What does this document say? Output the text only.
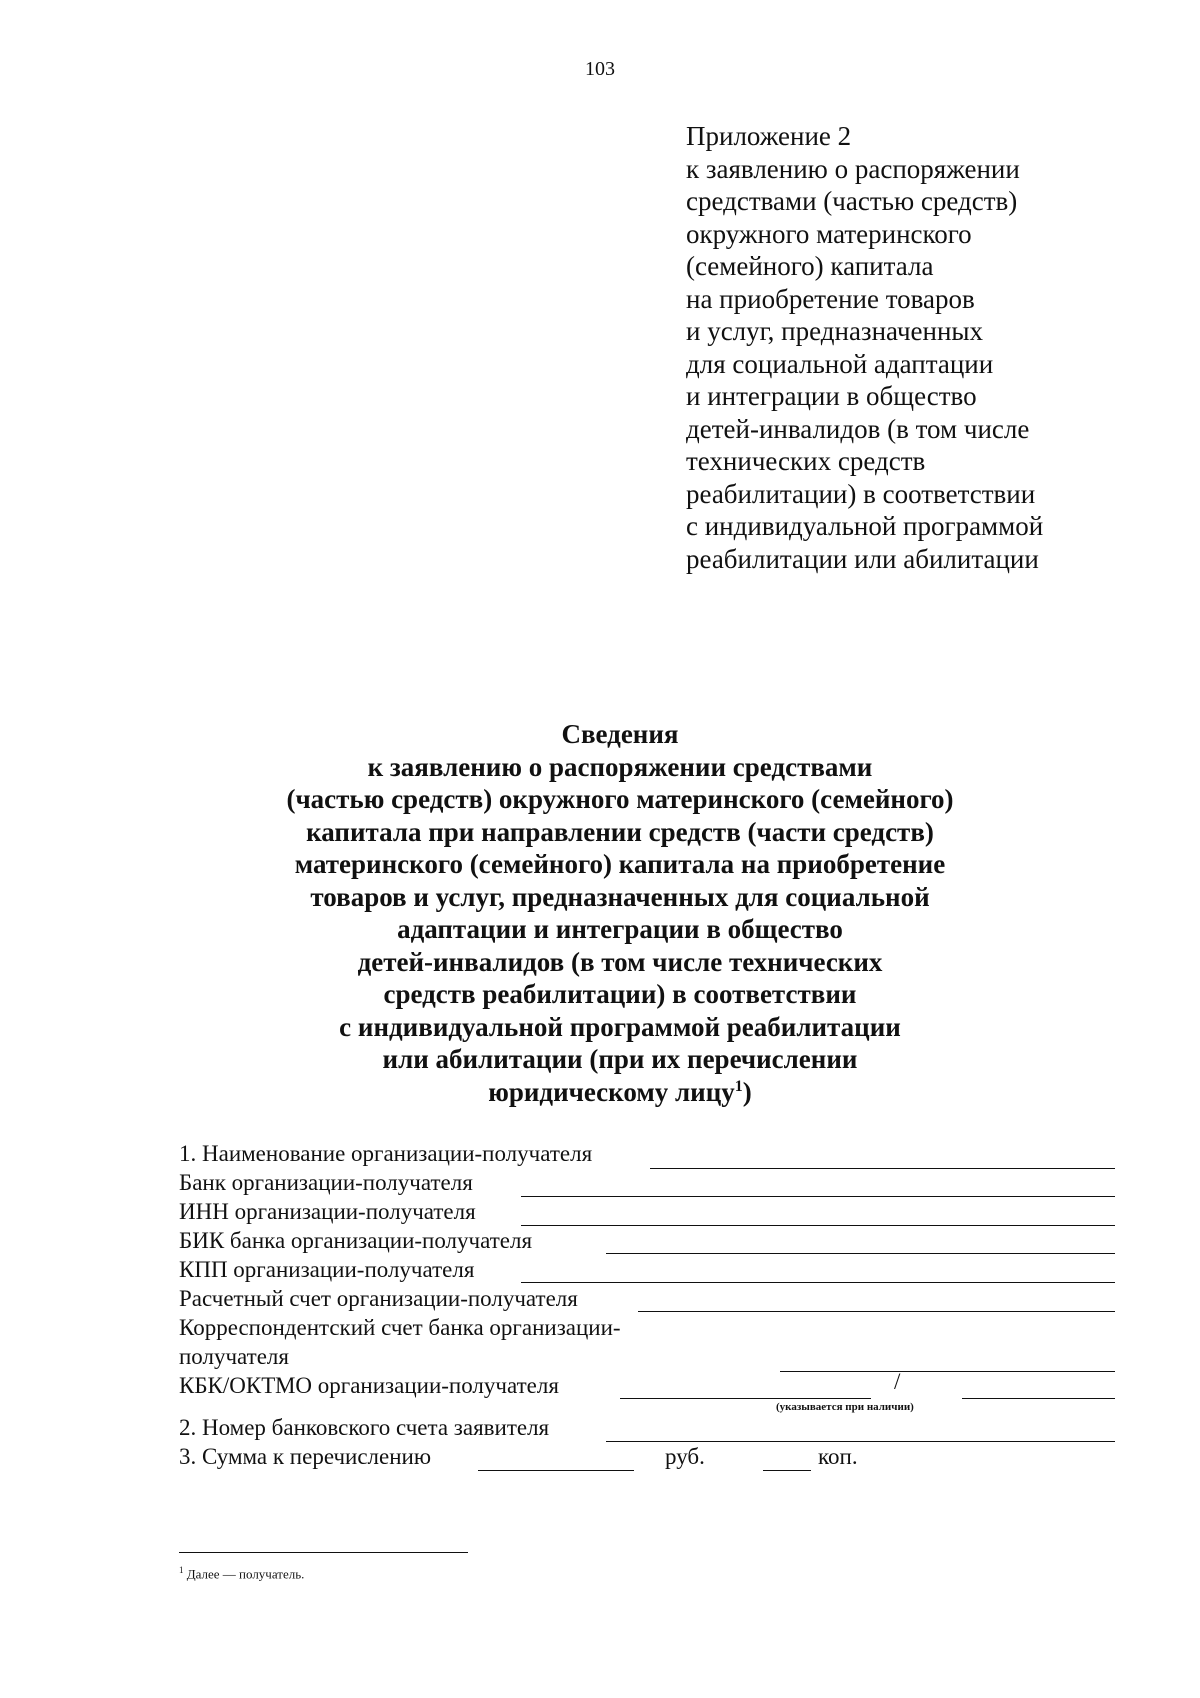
103
Приложение 2
к заявлению о распоряжении
средствами (частью средств)
окружного материнского
(семейного) капитала
на приобретение товаров
и услуг, предназначенных
для социальной адаптации
и интеграции в общество
детей-инвалидов (в том числе
технических средств
реабилитации) в соответствии
с индивидуальной программой
реабилитации или абилитации
Сведения
к заявлению о распоряжении средствами
(частью средств) окружного материнского (семейного)
капитала при направлении средств (части средств)
материнского (семейного) капитала на приобретение
товаров и услуг, предназначенных для социальной
адаптации и интеграции в общество
детей-инвалидов (в том числе технических
средств реабилитации) в соответствии
с индивидуальной программой реабилитации
или абилитации (при их перечислении
юридическому лицу$^1$)
1. Наименование организации-получателя
Банк организации-получателя
ИНН организации-получателя
БИК банка организации-получателя
КПП организации-получателя
Расчетный счет организации-получателя
Корреспондентский счет банка организации-
получателя
КБК/ОКТМО организации-получателя	/
(указывается при наличии)
2. Номер банковского счета заявителя
3. Сумма к перечислению	руб.	коп.
$^1$ Далее — получатель.
